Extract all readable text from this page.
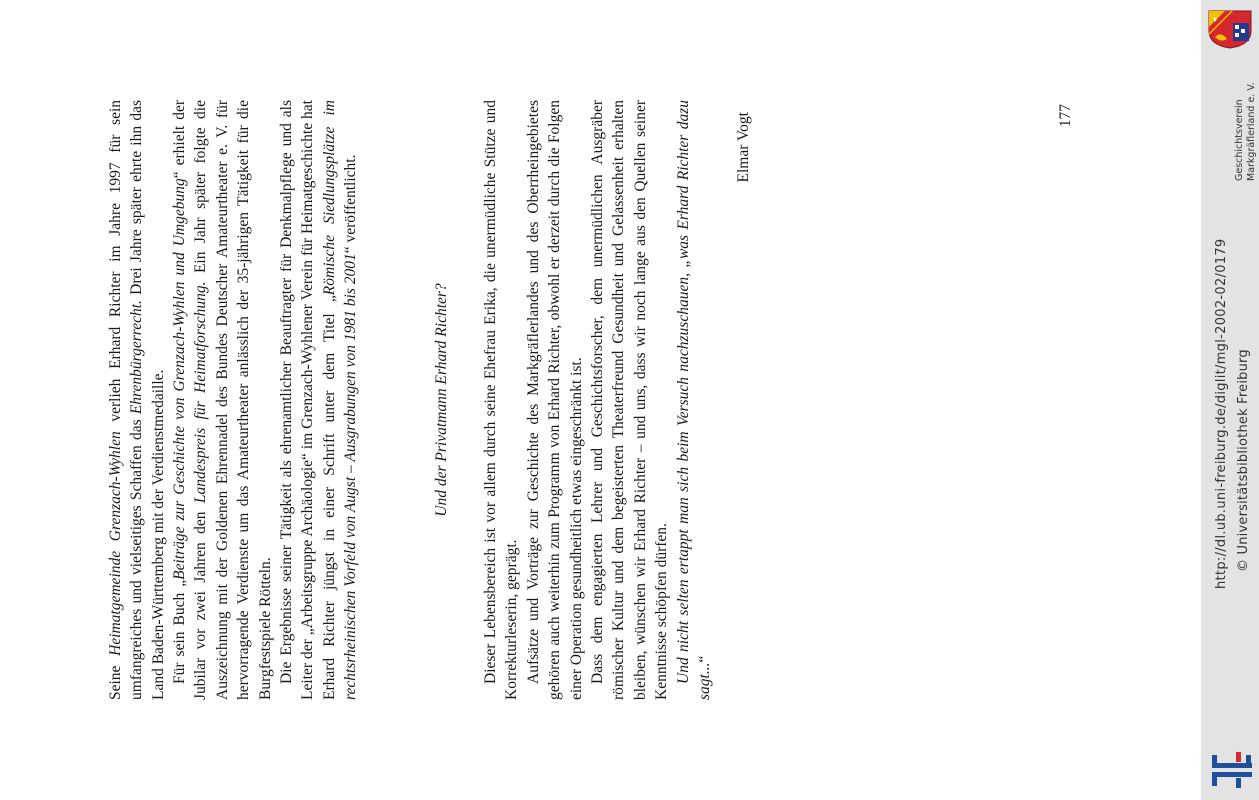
Seine Heimatgemeinde Grenzach-Wyhlen verlieh Erhard Richter im Jahre 1997 für sein umfangreiches und vielseitiges Schaffen das Ehrenbürgerrecht. Drei Jahre später ehrte ihn das Land Baden-Württemberg mit der Verdienstmedaille. Für sein Buch „Beiträge zur Geschichte von Grenzach-Wyhlen und Umgebung“ erhielt der Jubilar vor zwei Jahren den Landespreis für Heimatforschung. Ein Jahr später folgte die Auszeichnung mit der Goldenen Ehrennadel des Bundes Deutscher Amateurtheater e. V. für hervorragende Verdienste um das Amateurtheater anlässlich der 35-jährigen Tätigkeit für die Burgfestspiele Rötteln. Die Ergebnisse seiner Tätigkeit als ehrenamtlicher Beauftragter für Denkmalpflege und als Leiter der „Arbeitsgruppe Archäologie“ im Grenzach-Wyhlener Verein für Heimatgeschichte hat Erhard Richter jüngst in einer Schrift unter dem Titel „Römische Siedlungsplätze im rechtsrheinischen Vorfeld von Augst – Ausgrabungen von 1981 bis 2001“ veröffentlicht.

Und der Privatmann Erhard Richter? Dieser Lebensbereich ist vor allem durch seine Ehefrau Erika, die unermüdliche Stütze und Korrekturleserin, geprägt. Aufsätze und Vorträge zur Geschichte des Markgräflerlandes und des Oberrheingebietes gehören auch weiterhin zum Programm von Erhard Richter, obwohl er derzeit durch die Folgen einer Operation gesundheitlich etwas eingeschränkt ist. Dass dem engagierten Lehrer und Geschichtsforscher, dem unermüdlichen Ausgräber römischer Kultur und dem begeisterten Theaterfreund Gesundheit und Gelassenheit erhalten bleiben, wünschen wir Erhard Richter – und uns, dass wir noch lange aus den Quellen seiner Kenntnisse schöpfen dürfen. Und nicht selten ertappt man sich beim Versuch nachzuschauen, „was Erhard Richter dazu sagt...“

Elmar Vogt	177	Geschichtsverein Markgräflerland e. V.
http://dl.ub.uni-freiburg.de/diglit/mgl-2002-02/0179 © Universitätsbibliothek Freiburg
